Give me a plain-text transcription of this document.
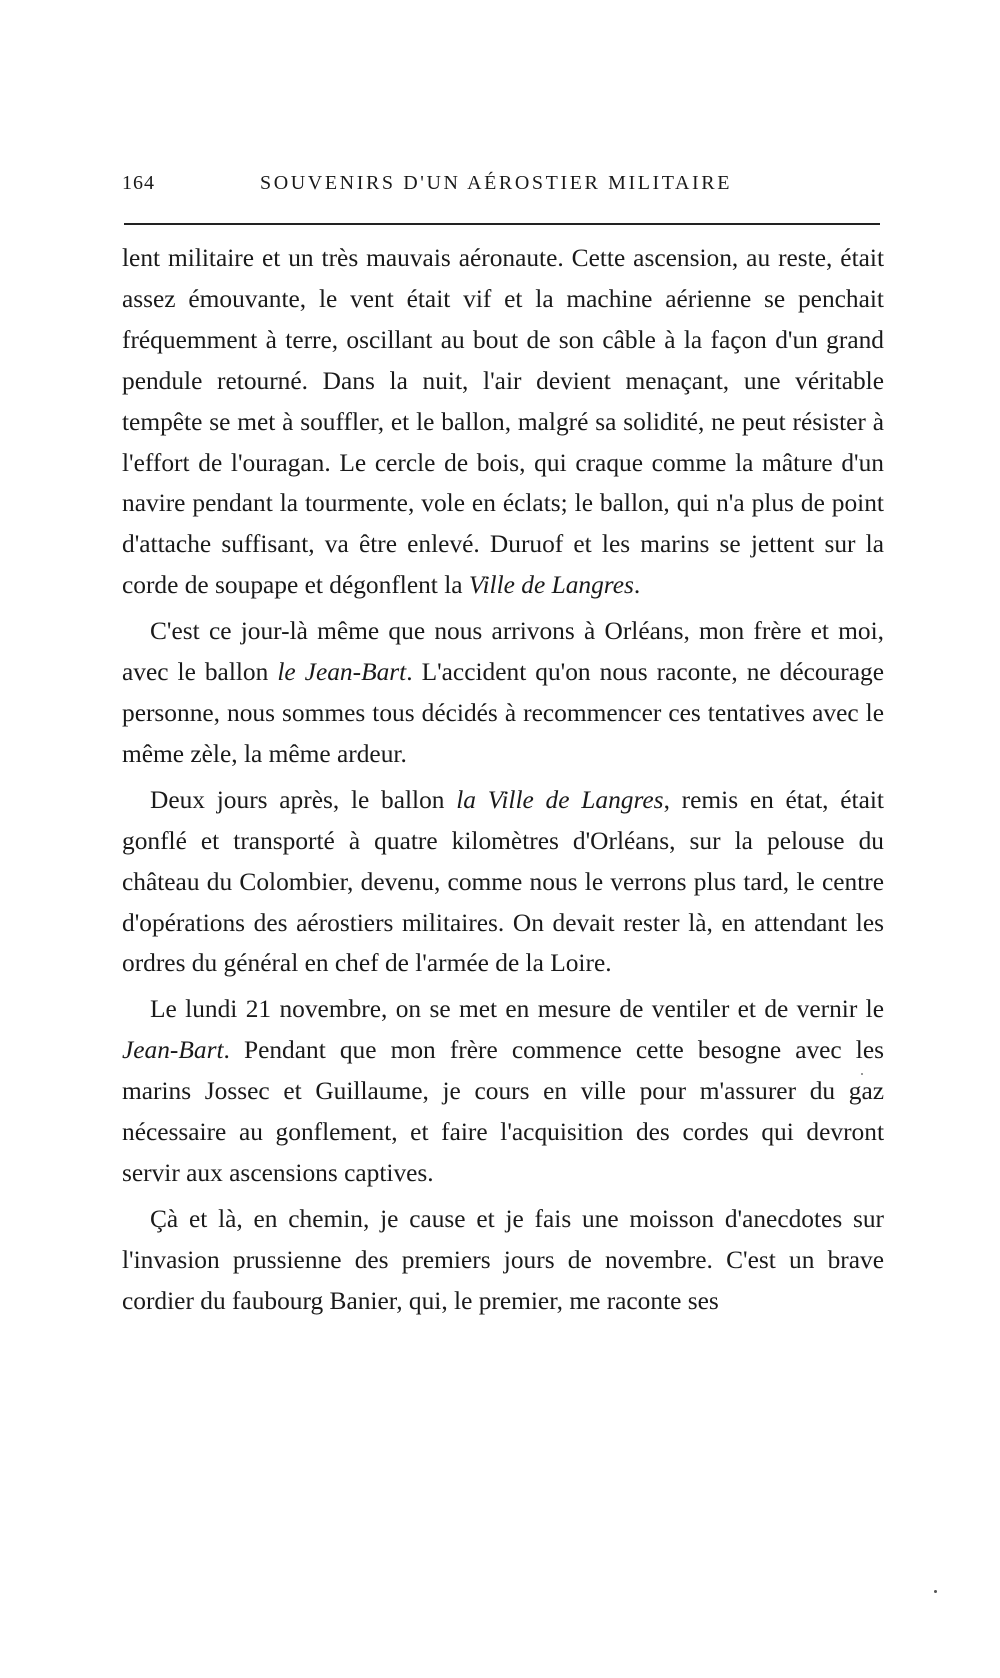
164	SOUVENIRS D'UN AÉROSTIER MILITAIRE

lent militaire et un très mauvais aéronaute. Cette ascension, au reste, était assez émouvante, le vent était vif et la machine aérienne se penchait fréquemment à terre, oscillant au bout de son câble à la façon d'un grand pendule retourné. Dans la nuit, l'air devient menaçant, une véritable tempête se met à souffler, et le ballon, malgré sa solidité, ne peut résister à l'effort de l'ouragan. Le cercle de bois, qui craque comme la mâture d'un navire pendant la tourmente, vole en éclats; le ballon, qui n'a plus de point d'attache suffisant, va être enlevé. Duruof et les marins se jettent sur la corde de soupape et dégonflent la Ville de Langres.

C'est ce jour-là même que nous arrivons à Orléans, mon frère et moi, avec le ballon le Jean-Bart. L'accident qu'on nous raconte, ne décourage personne, nous sommes tous décidés à recommencer ces tentatives avec le même zèle, la même ardeur.

Deux jours après, le ballon la Ville de Langres, remis en état, était gonflé et transporté à quatre kilomètres d'Orléans, sur la pelouse du château du Colombier, devenu, comme nous le verrons plus tard, le centre d'opérations des aérostiers militaires. On devait rester là, en attendant les ordres du général en chef de l'armée de la Loire.

Le lundi 21 novembre, on se met en mesure de ventiler et de vernir le Jean-Bart. Pendant que mon frère commence cette besogne avec les marins Jossec et Guillaume, je cours en ville pour m'assurer du gaz nécessaire au gonflement, et faire l'acquisition des cordes qui devront servir aux ascensions captives.

Çà et là, en chemin, je cause et je fais une moisson d'anecdotes sur l'invasion prussienne des premiers jours de novembre. C'est un brave cordier du faubourg Banier, qui, le premier, me raconte ses
